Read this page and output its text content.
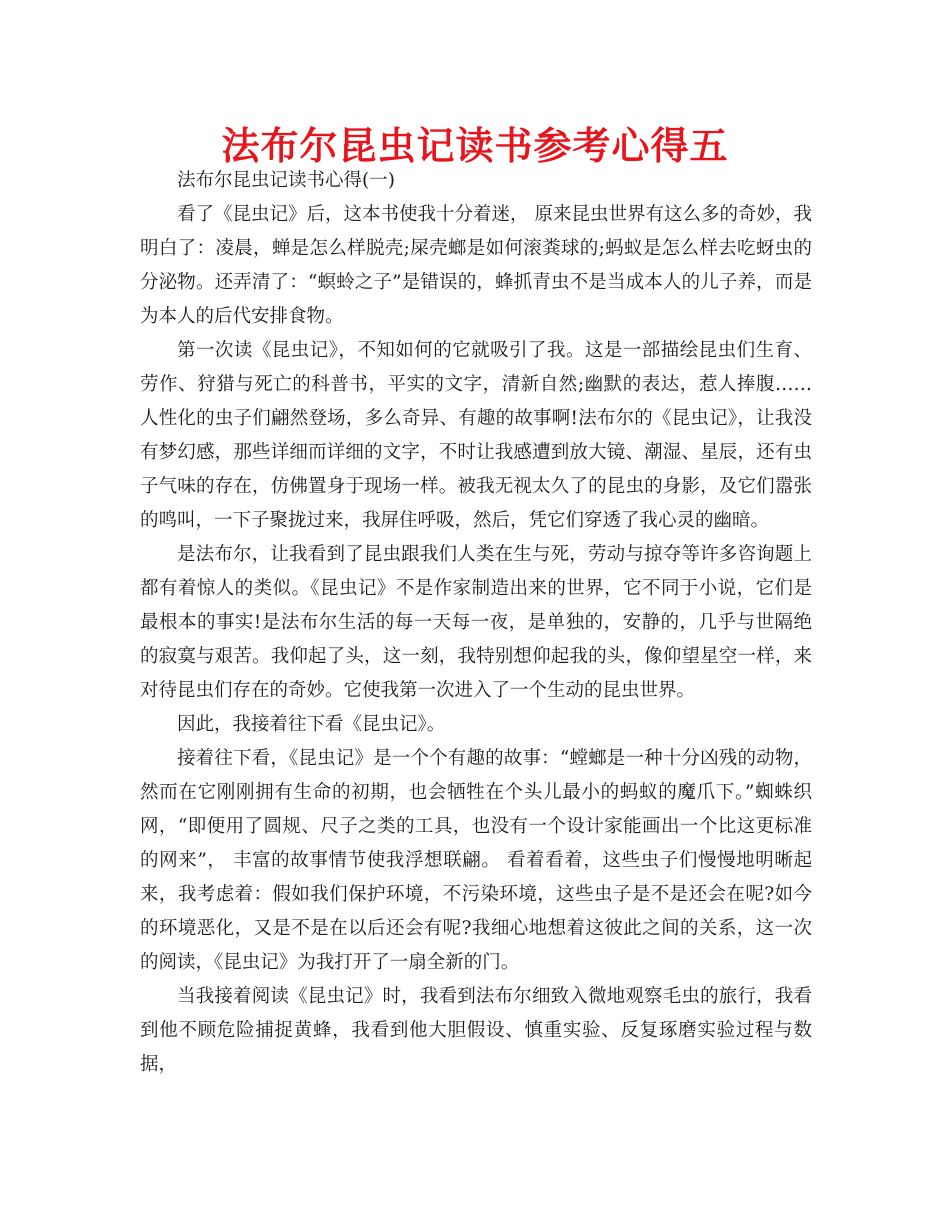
法布尔昆虫记读书参考心得五

法布尔昆虫记读书心得(一)

看了《昆虫记》后，这本书使我十分着迷， 原来昆虫世界有这么多的奇妙，我明白了：凌晨，蝉是怎么样脱壳;屎壳螂是如何滚粪球的;蚂蚁是怎么样去吃蚜虫的分泌物。还弄清了：“螟蛉之子”是错误的，蜂抓青虫不是当成本人的儿子养，而是为本人的后代安排食物。

第一次读《昆虫记》，不知如何的它就吸引了我。这是一部描绘昆虫们生育、劳作、狩猎与死亡的科普书，平实的文字，清新自然;幽默的表达，惹人捧腹……人性化的虫子们翩然登场，多么奇异、有趣的故事啊!法布尔的《昆虫记》，让我没有梦幻感，那些详细而详细的文字，不时让我感遭到放大镜、潮湿、星辰，还有虫子气味的存在，仿佛置身于现场一样。被我无视太久了的昆虫的身影，及它们嚣张的鸣叫，一下子聚拢过来，我屏住呼吸，然后，凭它们穿透了我心灵的幽暗。

是法布尔，让我看到了昆虫跟我们人类在生与死，劳动与掠夺等许多咨询题上都有着惊人的类似。《昆虫记》不是作家制造出来的世界，它不同于小说，它们是最根本的事实!是法布尔生活的每一天每一夜，是单独的，安静的，几乎与世隔绝的寂寞与艰苦。我仰起了头，这一刻，我特别想仰起我的头，像仰望星空一样，来对待昆虫们存在的奇妙。它使我第一次进入了一个生动的昆虫世界。

因此，我接着往下看《昆虫记》。

接着往下看，《昆虫记》是一个个有趣的故事：“螳螂是一种十分凶残的动物，然而在它刚刚拥有生命的初期，也会牺牲在个头儿最小的蚂蚁的魔爪下。”蜘蛛织网，“即便用了圆规、尺子之类的工具，也没有一个设计家能画出一个比这更标准的网来”， 丰富的故事情节使我浮想联翩。 看着看着，这些虫子们慢慢地明晰起来，我考虑着：假如我们保护环境，不污染环境，这些虫子是不是还会在呢?如今的环境恶化，又是不是在以后还会有呢?我细心地想着这彼此之间的关系，这一次的阅读，《昆虫记》为我打开了一扇全新的门。

当我接着阅读《昆虫记》时，我看到法布尔细致入微地观察毛虫的旅行，我看到他不顾危险捕捉黄蜂，我看到他大胆假设、慎重实验、反复琢磨实验过程与数据，
